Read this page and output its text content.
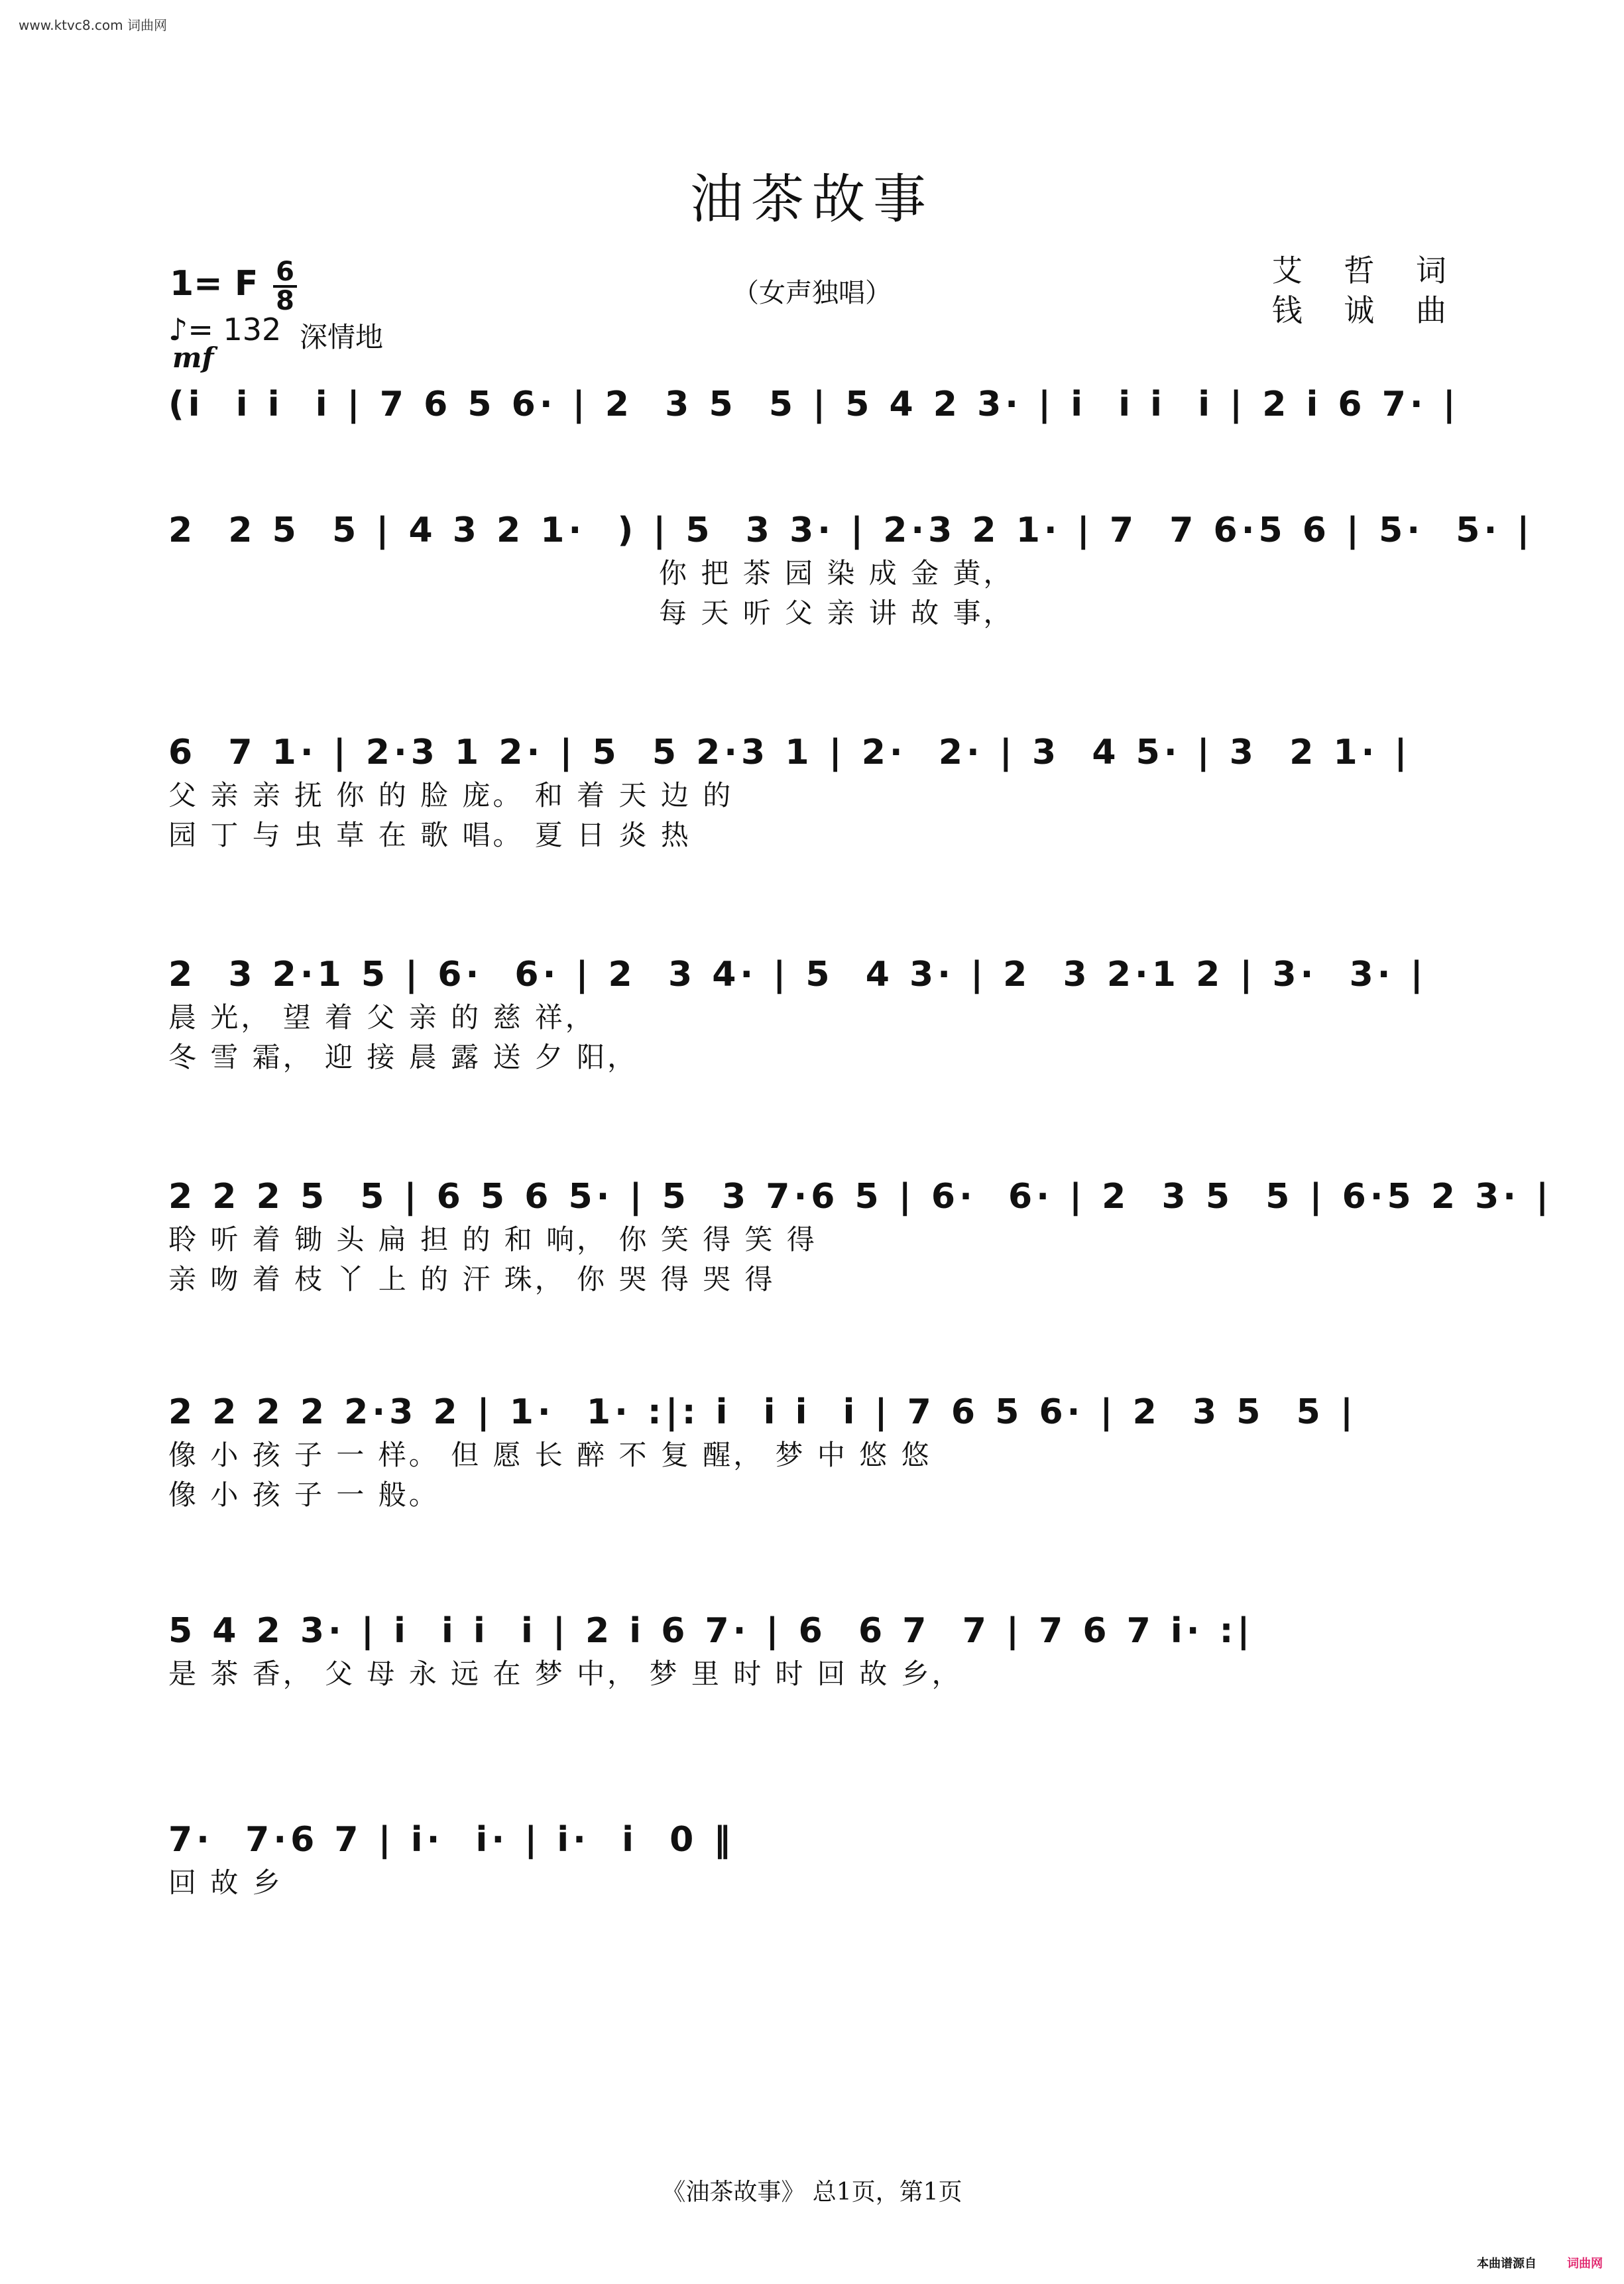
www.ktvc8.com 词曲网
油茶故事
（女声独唱）
艾 哲 词
钱 诚 曲
1= F 6
8
♪= 132 深情地
mf
(i  i i  i | 7 6 5 6· | 2  3 5  5 | 5 4 2 3· | i  i i  i | 2 i 6 7· |
2  2 5  5 | 4 3 2 1·  ) | 5  3 3· | 2·3 2 1· | 7  7 6·5 6 | 5·  5· |
你 把 茶 园 染 成 金 黄，
每 天 听 父 亲 讲 故 事，
6  7 1· | 2·3 1 2· | 5  5 2·3 1 | 2·  2· | 3  4 5· | 3  2 1· |
父 亲 亲 抚 你 的 脸 庞。 和 着 天 边 的
园 丁 与 虫 草 在 歌 唱。 夏 日 炎 热
2  3 2·1 5 | 6·  6· | 2  3 4· | 5  4 3· | 2  3 2·1 2 | 3·  3· |
晨 光， 望 着 父 亲 的 慈 祥，
冬 雪 霜， 迎 接 晨 露 送 夕 阳，
2 2 2 5  5 | 6 5 6 5· | 5  3 7·6 5 | 6·  6· | 2  3 5  5 | 6·5 2 3· |
聆 听 着 锄 头 扁 担 的 和 响， 你 笑 得 笑 得
亲 吻 着 枝 丫 上 的 汗 珠， 你 哭 得 哭 得
2 2 2 2 2·3 2 | 1·  1· :|: i  i i  i | 7 6 5 6· | 2  3 5  5 |
像 小 孩 子 一 样。 但 愿 长 醉 不 复 醒， 梦 中 悠 悠
像 小 孩 子 一 般。
5 4 2 3· | i  i i  i | 2 i 6 7· | 6  6 7  7 | 7 6 7 i· :|
是 茶 香， 父 母 永 远 在 梦 中， 梦 里 时 时 回 故 乡，
7·  7·6 7 | i·  i· | i·  i  0 ‖
回 故 乡
《油茶故事》 总1页，第1页
本曲谱源自	词曲网
